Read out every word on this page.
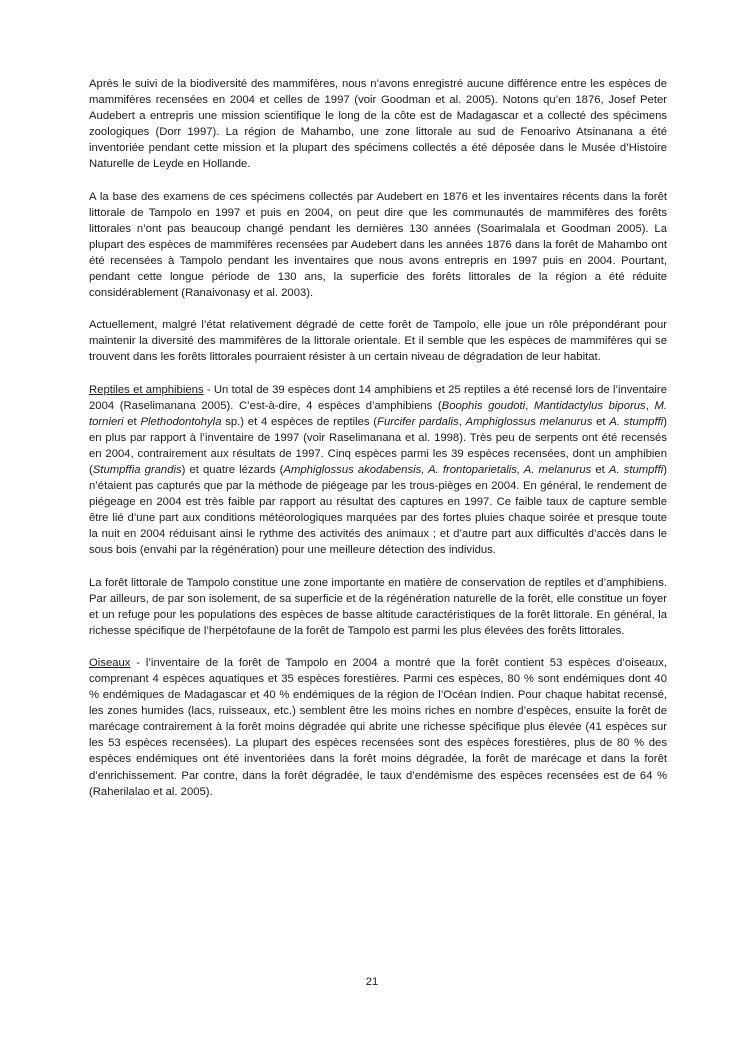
Après le suivi de la biodiversité des mammifères, nous n’avons enregistré aucune différence entre les espèces de mammifères recensées en 2004 et celles de 1997 (voir Goodman et al. 2005). Notons qu’en 1876, Josef Peter Audebert a entrepris une mission scientifique le long de la côte est de Madagascar et a collecté des spécimens zoologiques (Dorr 1997). La région de Mahambo, une zone littorale au sud de Fenoarivo Atsinanana a été inventoriée pendant cette mission et la plupart des spécimens collectés a été déposée dans le Musée d’Histoire Naturelle de Leyde en Hollande.

A la base des examens de ces spécimens collectés par Audebert en 1876 et les inventaires récents dans la forêt littorale de Tampolo en 1997 et puis en 2004, on peut dire que les communautés de mammifères des forêts littorales n’ont pas beaucoup changé pendant les dernières 130 années (Soarimalala et Goodman 2005). La plupart des espèces de mammifères recensées par Audebert dans les années 1876 dans la forêt de Mahambo ont été recensées à Tampolo pendant les inventaires que nous avons entrepris en 1997 puis en 2004. Pourtant, pendant cette longue période de 130 ans, la superficie des forêts littorales de la région a été réduite considérablement (Ranaivonasy et al. 2003).

Actuellement, malgré l’état relativement dégradé de cette forêt de Tampolo, elle joue un rôle prépondérant pour maintenir la diversité des mammifères de la littorale orientale. Et il semble que les espèces de mammifères qui se trouvent dans les forêts littorales pourraient résister à un certain niveau de dégradation de leur habitat.

Reptiles et amphibiens - Un total de 39 espèces dont 14 amphibiens et 25 reptiles a été recensé lors de l’inventaire 2004 (Raselimanana 2005). C’est-à-dire, 4 espèces d’amphibiens (Boophis goudoti, Mantidactylus biporus, M. tornieri et Plethodontohyla sp.) et 4 espèces de reptiles (Furcifer pardalis, Amphiglossus melanurus et A. stumpffi) en plus par rapport à l’inventaire de 1997 (voir Raselimanana et al. 1998). Très peu de serpents ont été recensés en 2004, contrairement aux résultats de 1997. Cinq espèces parmi les 39 espèces recensées, dont un amphibien (Stumpffia grandis) et quatre lézards (Amphiglossus akodabensis, A. frontoparietalis, A. melanurus et A. stumpffi) n’étaient pas capturés que par la méthode de piégeage par les trous-pièges en 2004. En général, le rendement de piégeage en 2004 est très faible par rapport au résultat des captures en 1997. Ce faible taux de capture semble être lié d’une part aux conditions météorologiques marquées par des fortes pluies chaque soirée et presque toute la nuit en 2004 réduisant ainsi le rythme des activités des animaux ; et d’autre part aux difficultés d’accès dans le sous bois (envahi par la régénération) pour une meilleure détection des individus.

La forêt littorale de Tampolo constitue une zone importante en matière de conservation de reptiles et d’amphibiens. Par ailleurs, de par son isolement, de sa superficie et de la régénération naturelle de la forêt, elle constitue un foyer et un refuge pour les populations des espèces de basse altitude caractéristiques de la forêt littorale. En général, la richesse spécifique de l’herpétofaune de la forêt de Tampolo est parmi les plus élevées des forêts littorales.

Oiseaux - l’inventaire de la forêt de Tampolo en 2004 a montré que la forêt contient 53 espèces d’oiseaux, comprenant 4 espèces aquatiques et 35 espèces forestières. Parmi ces espèces, 80 % sont endémiques dont 40 % endémiques de Madagascar et 40 % endémiques de la région de l’Océan Indien. Pour chaque habitat recensé, les zones humides (lacs, ruisseaux, etc.) semblent être les moins riches en nombre d’espèces, ensuite la forêt de marécage contrairement à la forêt moins dégradée qui abrite une richesse spécifique plus élevée (41 espèces sur les 53 espèces recensées). La plupart des espèces recensées sont des espèces forestières, plus de 80 % des espèces endémiques ont été inventoriées dans la forêt moins dégradée, la forêt de marécage et dans la forêt d’enrichissement. Par contre, dans la forêt dégradée, le taux d’endémisme des espèces recensées est de 64 % (Raherilalao et al. 2005).

21
